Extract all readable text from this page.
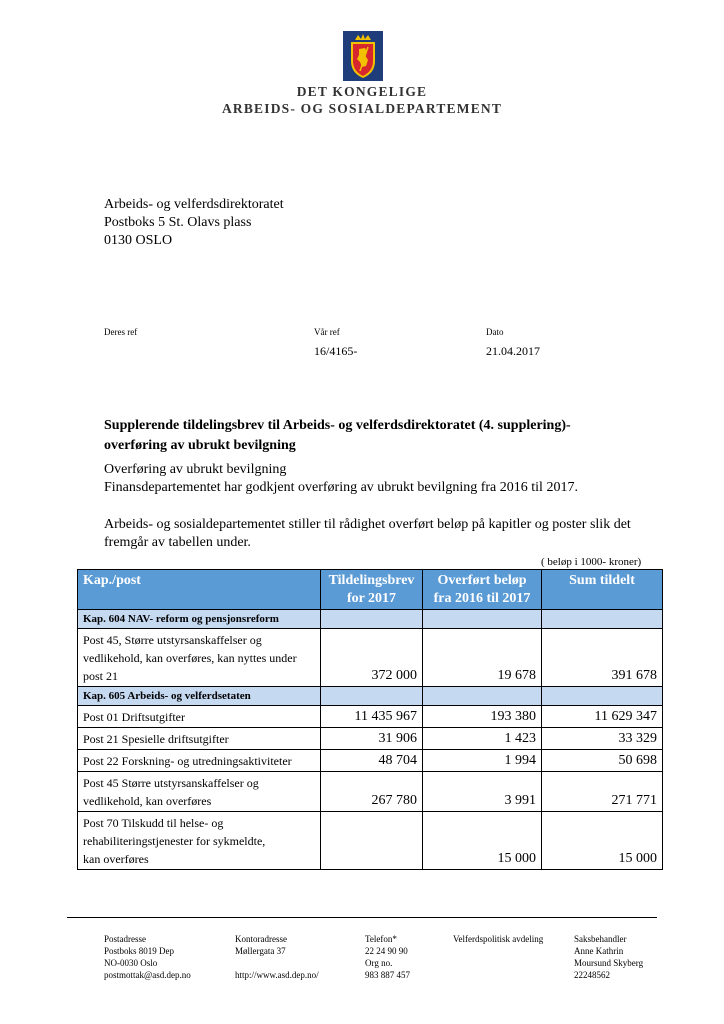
DET KONGELIGE
ARBEIDS- OG SOSIALDEPARTEMENT
Arbeids- og velferdsdirektoratet
Postboks 5 St. Olavs plass
0130 OSLO
Deres ref	Vår ref
16/4165-
Dato
21.04.2017
Supplerende tildelingsbrev til Arbeids- og velferdsdirektoratet (4. supplering)-
overføring av ubrukt bevilgning
Overføring av ubrukt bevilgning
Finansdepartementet har godkjent overføring av ubrukt bevilgning fra 2016 til 2017.
Arbeids- og sosialdepartementet stiller til rådighet overført beløp på kapitler og poster slik det
fremgår av tabellen under.
( beløp i 1000- kroner)
Kap./post	Tildelingsbrev for 2017	Overført beløp fra 2016 til 2017	Sum tildelt
Kap. 604 NAV- reform og pensjonsreform			

Post 45, Større utstyrsanskaffelser og
vedlikehold, kan overføres, kan nyttes under
post 21	372 000	19 678	391 678
Kap. 605 Arbeids- og velferdsetaten			

Post 01 Driftsutgifter	11 435 967	193 380	11 629 347

Post 21 Spesielle driftsutgifter	31 906	1 423	33 329

Post 22 Forskning- og utredningsaktiviteter	48 704	1 994	50 698

Post 45 Større utstyrsanskaffelser og
vedlikehold, kan overføres	267 780	3 991	271 771

Post 70 Tilskudd til helse- og
rehabiliteringstjenester for sykmeldte,
kan overføres		15 000	15 000
Postadresse
Postboks 8019 Dep
NO-0030 Oslo
postmottak@asd.dep.no
Kontoradresse
Møllergata 37

http://www.asd.dep.no/
Telefon*
22 24 90 90
Org no.
983 887 457
Velferdspolitisk avdeling	Saksbehandler
Anne Kathrin
Moursund Skyberg
22248562
